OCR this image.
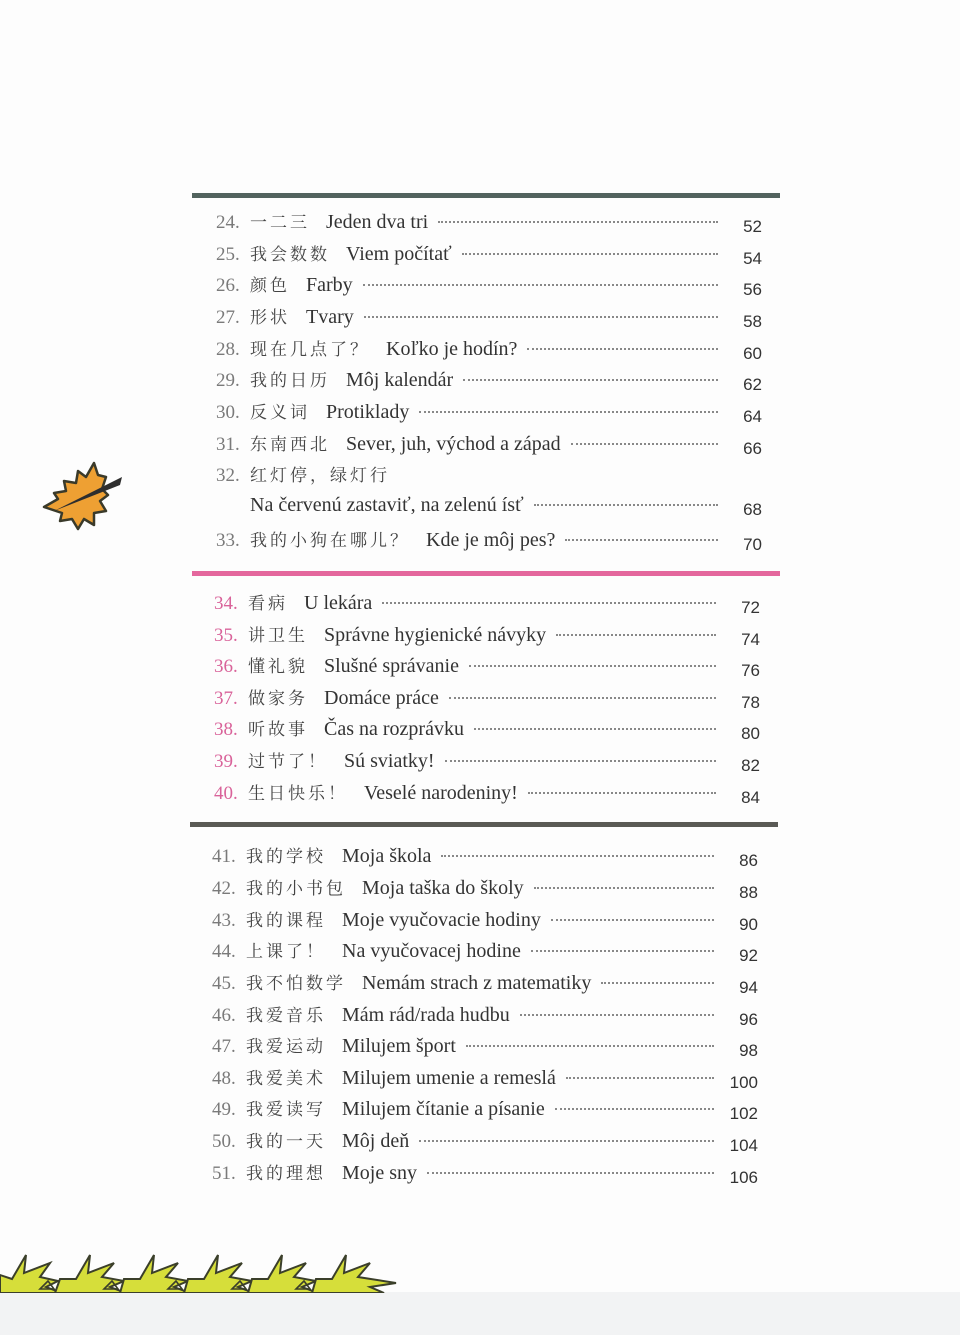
24. 一二三 Jeden dva tri	52
25. 我会数数 Viem počítať	54
26. 颜色 Farby	56
27. 形状 Tvary	58
28. 现在几点了？ Koľko je hodín?	60
29. 我的日历 Môj kalendár	62
30. 反义词 Protiklady	64
31. 东南西北 Sever, juh, východ a západ	66
32. 红灯停，绿灯行
Na červenú zastaviť, na zelenú ísť	68
33. 我的小狗在哪儿？ Kde je môj pes?	70
34. 看病 U lekára	72
35. 讲卫生 Správne hygienické návyky	74
36. 懂礼貌 Slušné správanie	76
37. 做家务 Domáce práce	78
38. 听故事 Čas na rozprávku	80
39. 过节了！ Sú sviatky!	82
40. 生日快乐！ Veselé narodeniny!	84
41. 我的学校 Moja škola	86
42. 我的小书包 Moja taška do školy	88
43. 我的课程 Moje vyučovacie hodiny	90
44. 上课了！ Na vyučovacej hodine	92
45. 我不怕数学 Nemám strach z matematiky	94
46. 我爱音乐 Mám rád/rada hudbu	96
47. 我爱运动 Milujem šport	98
48. 我爱美术 Milujem umenie a remeslá	100
49. 我爱读写 Milujem čítanie a písanie	102
50. 我的一天 Môj deň	104
51. 我的理想 Moje sny	106
